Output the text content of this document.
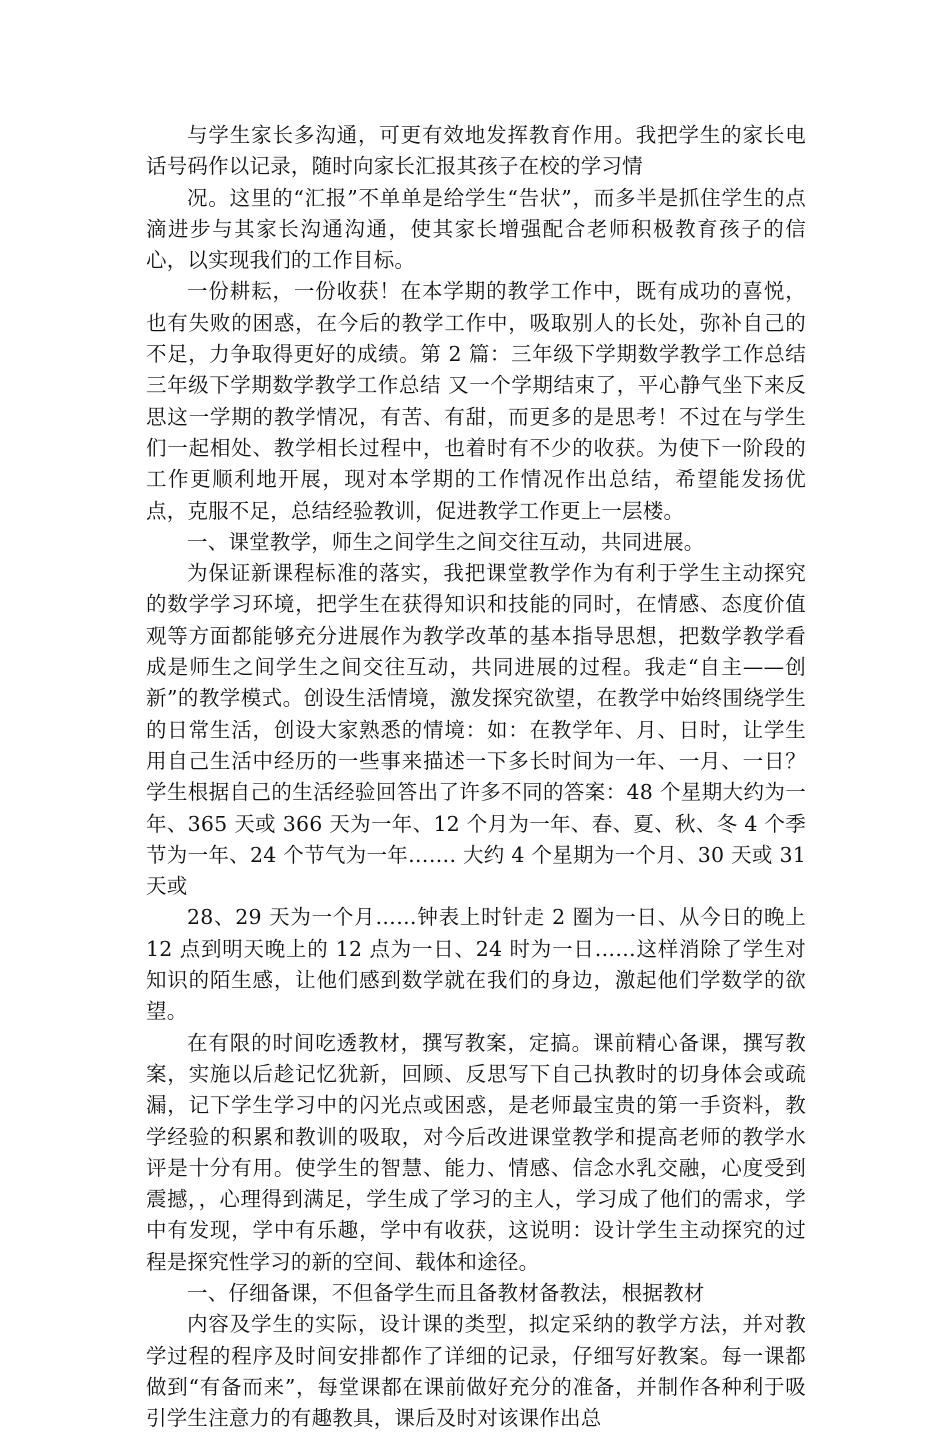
与学生家长多沟通，可更有效地发挥教育作用。我把学生的家长电话号码作以记录，随时向家长汇报其孩子在校的学习情

况。这里的“汇报”不单单是给学生“告状”，而多半是抓住学生的点滴进步与其家长沟通沟通，使其家长增强配合老师积极教育孩子的信心，以实现我们的工作目标。

一份耕耘，一份收获！在本学期的教学工作中，既有成功的喜悦，也有失败的困惑，在今后的教学工作中，吸取别人的长处，弥补自己的不足，力争取得更好的成绩。第 2 篇：三年级下学期数学教学工作总结三年级下学期数学教学工作总结 又一个学期结束了，平心静气坐下来反思这一学期的教学情况，有苦、有甜，而更多的是思考！不过在与学生们一起相处、教学相长过程中，也着时有不少的收获。为使下一阶段的工作更顺利地开展，现对本学期的工作情况作出总结，希望能发扬优点，克服不足，总结经验教训，促进教学工作更上一层楼。

一、课堂教学，师生之间学生之间交往互动，共同进展。

为保证新课程标准的落实，我把课堂教学作为有利于学生主动探究的数学学习环境，把学生在获得知识和技能的同时，在情感、态度价值观等方面都能够充分进展作为教学改革的基本指导思想，把数学教学看成是师生之间学生之间交往互动，共同进展的过程。我走“自主——创新”的教学模式。创设生活情境，激发探究欲望，在教学中始终围绕学生的日常生活，创设大家熟悉的情境：如：在教学年、月、日时，让学生用自己生活中经历的一些事来描述一下多长时间为一年、一月、一日？学生根据自己的生活经验回答出了许多不同的答案：48 个星期大约为一年、365 天或 366 天为一年、12 个月为一年、春、夏、秋、冬 4 个季节为一年、24 个节气为一年……. 大约 4 个星期为一个月、30 天或 31 天或

28、29 天为一个月……钟表上时针走 2 圈为一日、从今日的晚上 12 点到明天晚上的 12 点为一日、24 时为一日……这样消除了学生对知识的陌生感，让他们感到数学就在我们的身边，激起他们学数学的欲望。

在有限的时间吃透教材，撰写教案，定搞。课前精心备课，撰写教案，实施以后趁记忆犹新，回顾、反思写下自己执教时的切身体会或疏漏，记下学生学习中的闪光点或困惑，是老师最宝贵的第一手资料，教学经验的积累和教训的吸取，对今后改进课堂教学和提高老师的教学水评是十分有用。使学生的智慧、能力、情感、信念水乳交融，心度受到震撼，，心理得到满足，学生成了学习的主人，学习成了他们的需求，学中有发现，学中有乐趣，学中有收获，这说明：设计学生主动探究的过程是探究性学习的新的空间、载体和途径。

一、仔细备课，不但备学生而且备教材备教法，根据教材

内容及学生的实际，设计课的类型，拟定采纳的教学方法，并对教学过程的程序及时间安排都作了详细的记录，仔细写好教案。每一课都做到“有备而来”，每堂课都在课前做好充分的准备，并制作各种利于吸引学生注意力的有趣教具，课后及时对该课作出总
